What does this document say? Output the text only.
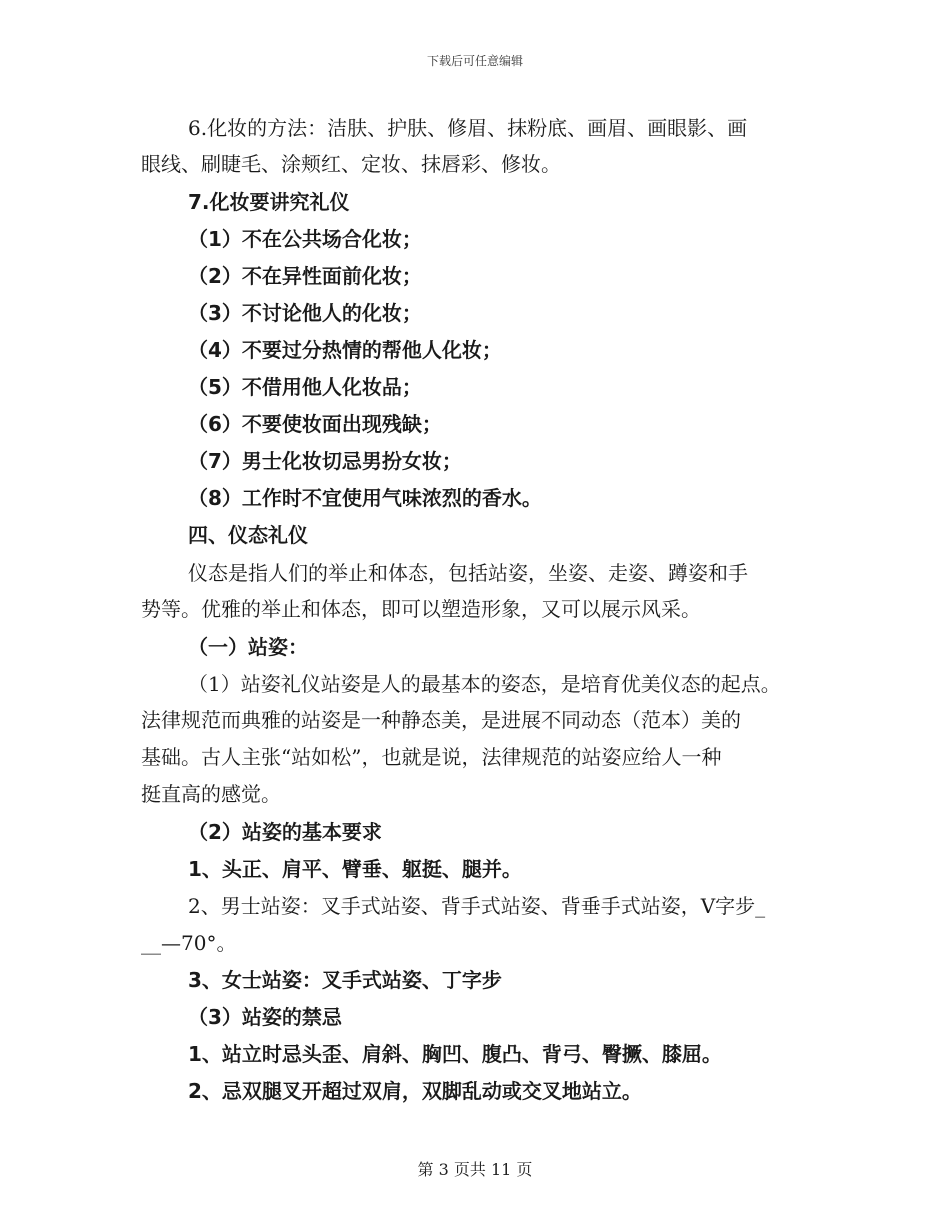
下载后可任意编辑
6.化妆的方法：洁肤、护肤、修眉、抹粉底、画眉、画眼影、画
眼线、刷睫毛、涂颊红、定妆、抹唇彩、修妆。
7.化妆要讲究礼仪
（1）不在公共场合化妆；
（2）不在异性面前化妆；
（3）不讨论他人的化妆；
（4）不要过分热情的帮他人化妆；
（5）不借用他人化妆品；
（6）不要使妆面出现残缺；
（7）男士化妆切忌男扮女妆；
（8）工作时不宜使用气味浓烈的香水。
四、仪态礼仪
仪态是指人们的举止和体态，包括站姿，坐姿、走姿、蹲姿和手
势等。优雅的举止和体态，即可以塑造形象，又可以展示风采。
（一）站姿：
（1）站姿礼仪站姿是人的最基本的姿态，是培育优美仪态的起点。
法律规范而典雅的站姿是一种静态美，是进展不同动态（范本）美的
基础。古人主张“站如松”，也就是说，法律规范的站姿应给人一种
挺直高的感觉。
（2）站姿的基本要求
1、头正、肩平、臂垂、躯挺、腿并。
2、男士站姿：叉手式站姿、背手式站姿、背垂手式站姿，V字步_
__—70°。
3、女士站姿：叉手式站姿、丁字步
（3）站姿的禁忌
1、站立时忌头歪、肩斜、胸凹、腹凸、背弓、臀撅、膝屈。
2、忌双腿叉开超过双肩，双脚乱动或交叉地站立。
第 3 页共 11 页
